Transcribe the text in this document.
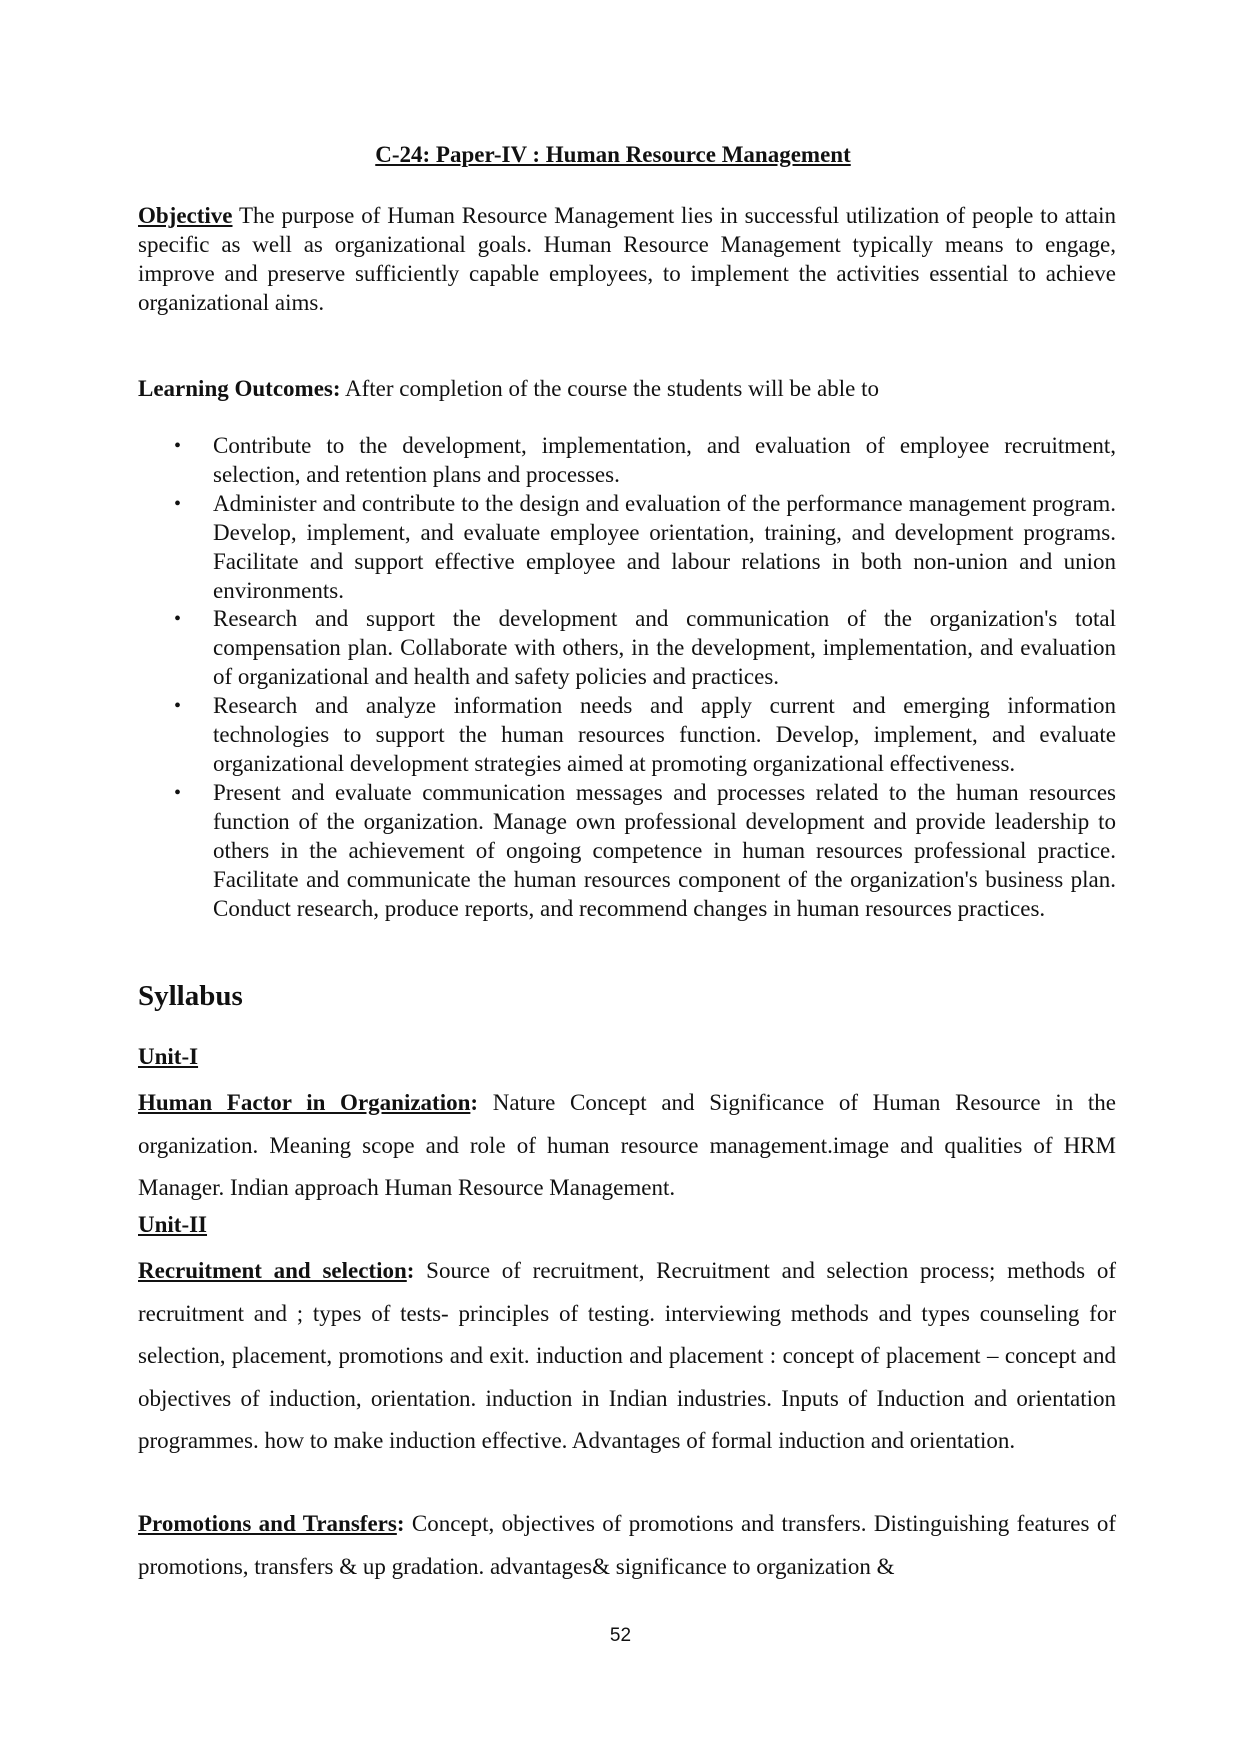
C-24: Paper-IV : Human Resource Management

Objective The purpose of Human Resource Management lies in successful utilization of people to attain specific as well as organizational goals. Human Resource Management typically means to engage, improve and preserve sufficiently capable employees, to implement the activities essential to achieve organizational aims.

Learning Outcomes: After completion of the course the students will be able to

• Contribute to the development, implementation, and evaluation of employee recruitment, selection, and retention plans and processes.
• Administer and contribute to the design and evaluation of the performance management program. Develop, implement, and evaluate employee orientation, training, and development programs. Facilitate and support effective employee and labour relations in both non-union and union environments.
• Research and support the development and communication of the organization's total compensation plan. Collaborate with others, in the development, implementation, and evaluation of organizational and health and safety policies and practices.
• Research and analyze information needs and apply current and emerging information technologies to support the human resources function. Develop, implement, and evaluate organizational development strategies aimed at promoting organizational effectiveness.
• Present and evaluate communication messages and processes related to the human resources function of the organization. Manage own professional development and provide leadership to others in the achievement of ongoing competence in human resources professional practice. Facilitate and communicate the human resources component of the organization's business plan. Conduct research, produce reports, and recommend changes in human resources practices.
Syllabus
Unit-I

Human Factor in Organization: Nature Concept and Significance of Human Resource in the organization. Meaning scope and role of human resource management.image and qualities of HRM Manager. Indian approach Human Resource Management.

Unit-II

Recruitment and selection: Source of recruitment, Recruitment and selection process; methods of recruitment and ; types of tests- principles of testing. interviewing methods and types counseling for selection, placement, promotions and exit. induction and placement : concept of placement – concept and objectives of induction, orientation. induction in Indian industries. Inputs of Induction and orientation programmes. how to make induction effective. Advantages of formal induction and orientation.

Promotions and Transfers: Concept, objectives of promotions and transfers. Distinguishing features of promotions, transfers & up gradation. advantages& significance to organization &

52
